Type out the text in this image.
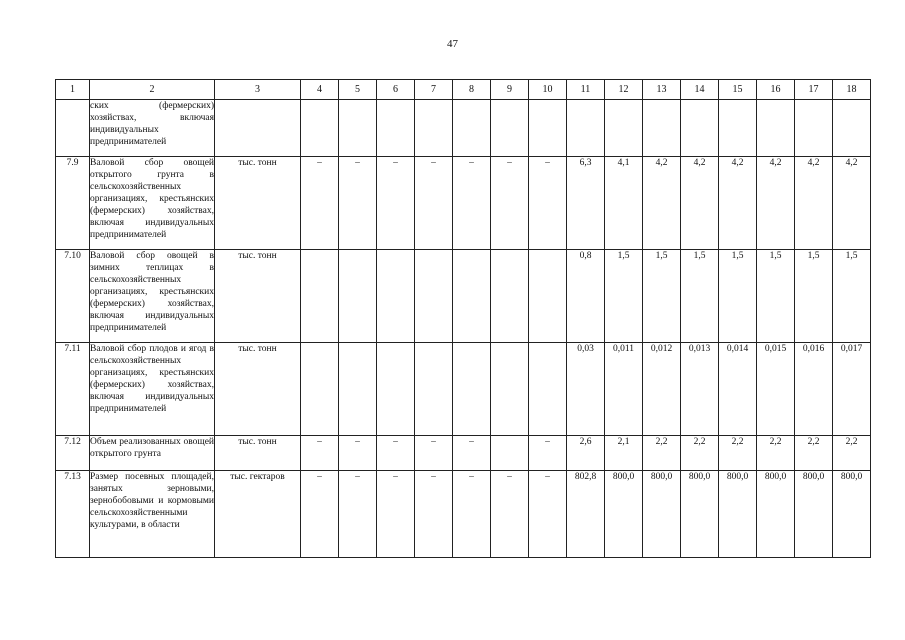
47
1	2	3	4	5	6	7	8	9	10	11	12	13	14	15	16	17	18
	ских (фермерских) хозяйствах, включая индивидуальных предпринимателей																
7.9	Валовой сбор овощей открытого грунта в сельскохозяйственных организациях, крестьянских (фермерских) хозяйствах, включая индивидуальных предпринимателей	тыс. тонн	–	–	–	–	–	–	–	6,3	4,1	4,2	4,2	4,2	4,2	4,2	4,2
7.10	Валовой сбор овощей в зимних теплицах в сельскохозяйственных организациях, крестьянских (фермерских) хозяйствах, включая индивидуальных предпринимателей	тыс. тонн								0,8	1,5	1,5	1,5	1,5	1,5	1,5	1,5
7.11	Валовой сбор плодов и ягод в сельскохозяйственных организациях, крестьянских (фермерских) хозяйствах, включая индивидуальных предпринимателей	тыс. тонн								0,03	0,011	0,012	0,013	0,014	0,015	0,016	0,017
7.12	Объем реализованных овощей открытого грунта	тыс. тонн	–	–	–	–	–		–	2,6	2,1	2,2	2,2	2,2	2,2	2,2	2,2
7.13	Размер посевных площадей, занятых зерновыми, зернобобовыми и кормовыми сельскохозяйственными культурами, в области	тыс. гектаров	–	–	–	–	–	–	–	802,8	800,0	800,0	800,0	800,0	800,0	800,0	800,0
